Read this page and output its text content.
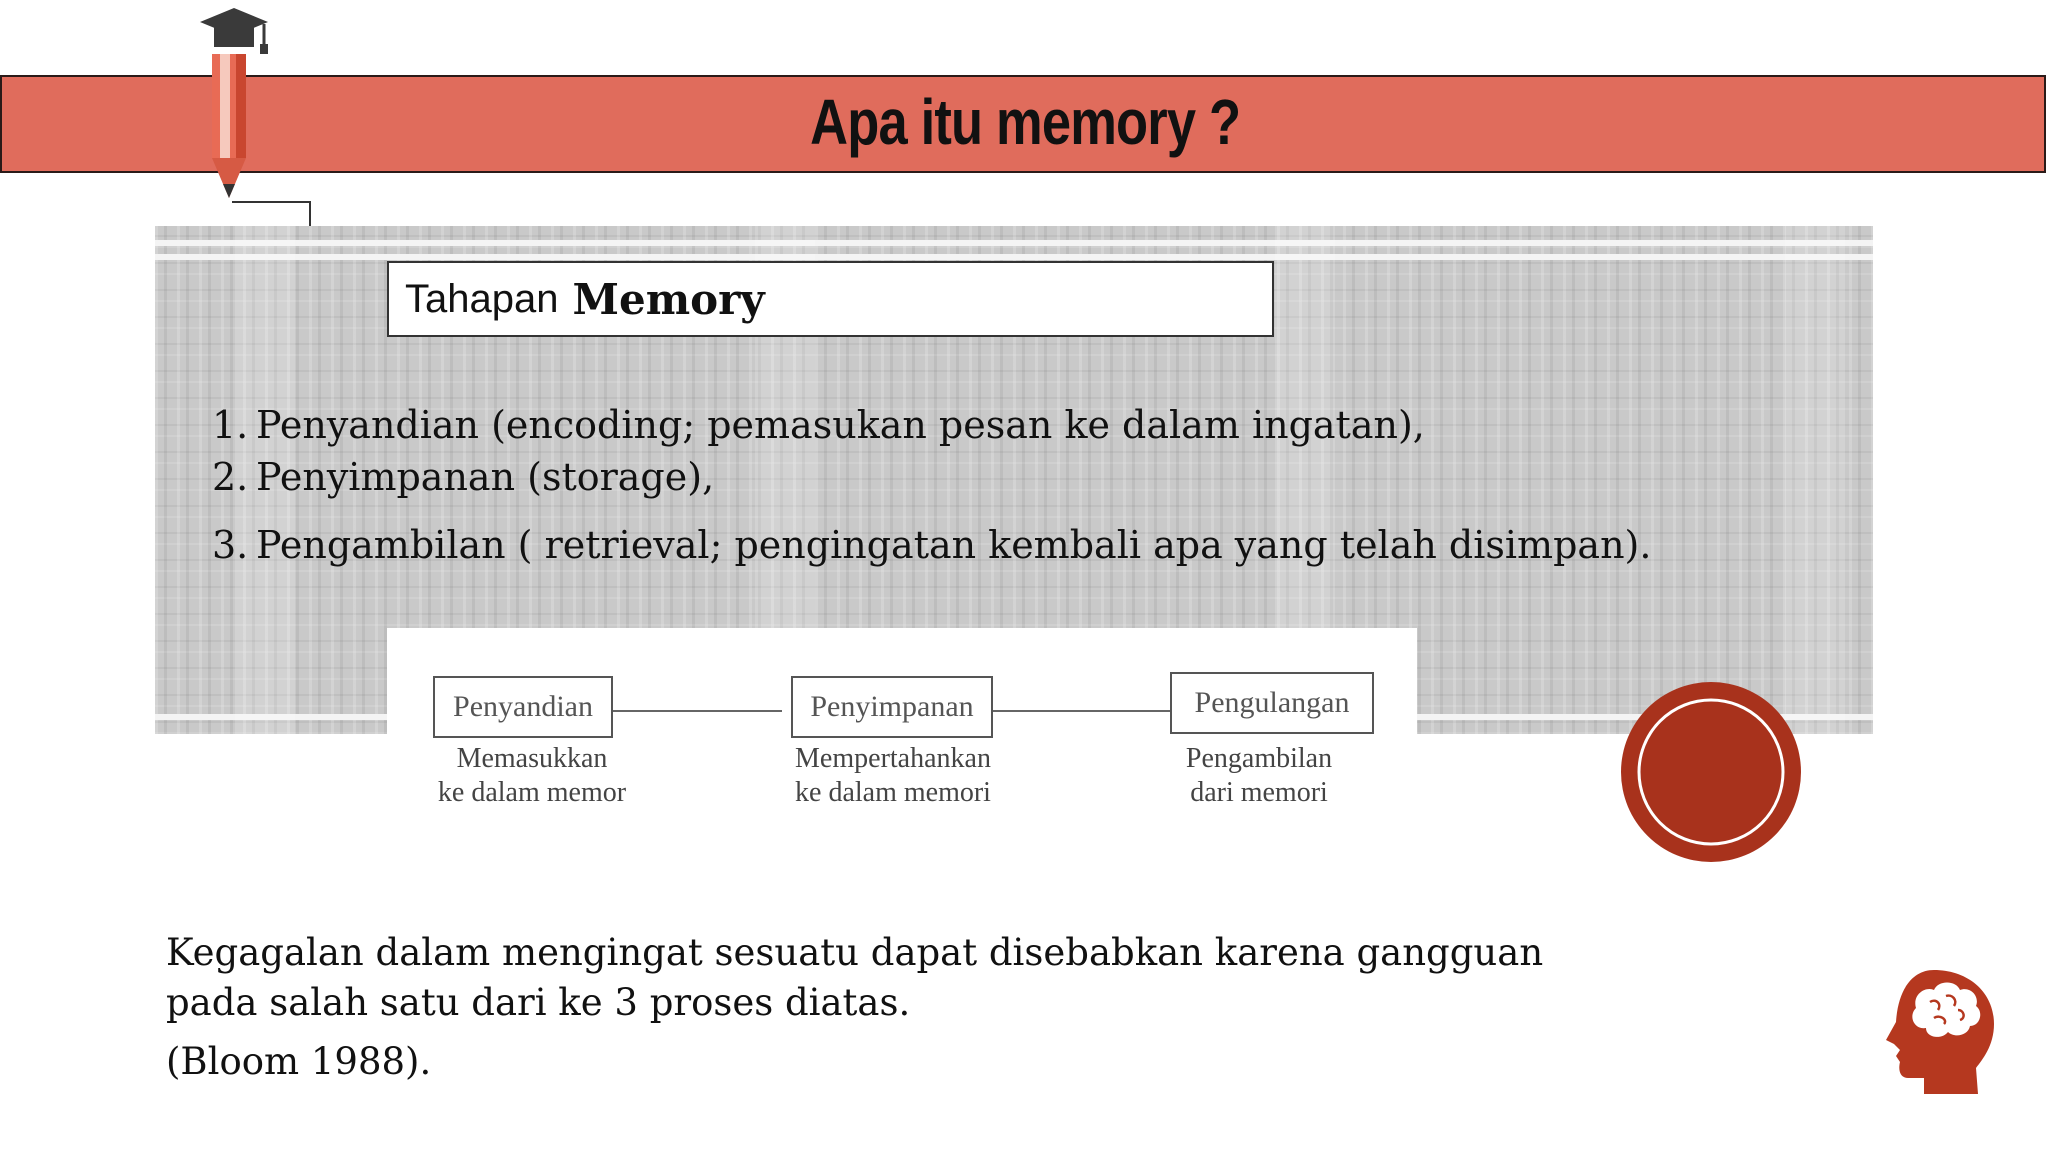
Apa itu memory ?
Tahapan Memory
1. Penyandian (encoding; pemasukan pesan ke dalam ingatan),
2. Penyimpanan (storage),
3. Pengambilan ( retrieval; pengingatan kembali apa yang telah disimpan).
Penyandian	Penyimpanan	Pengulangan
Memasukkan
ke dalam memor
Mempertahankan
ke dalam memori
Pengambilan
dari memori

Kegagalan dalam mengingat sesuatu dapat disebabkan karena gangguan
pada salah satu dari ke 3 proses diatas.

(Bloom 1988).
